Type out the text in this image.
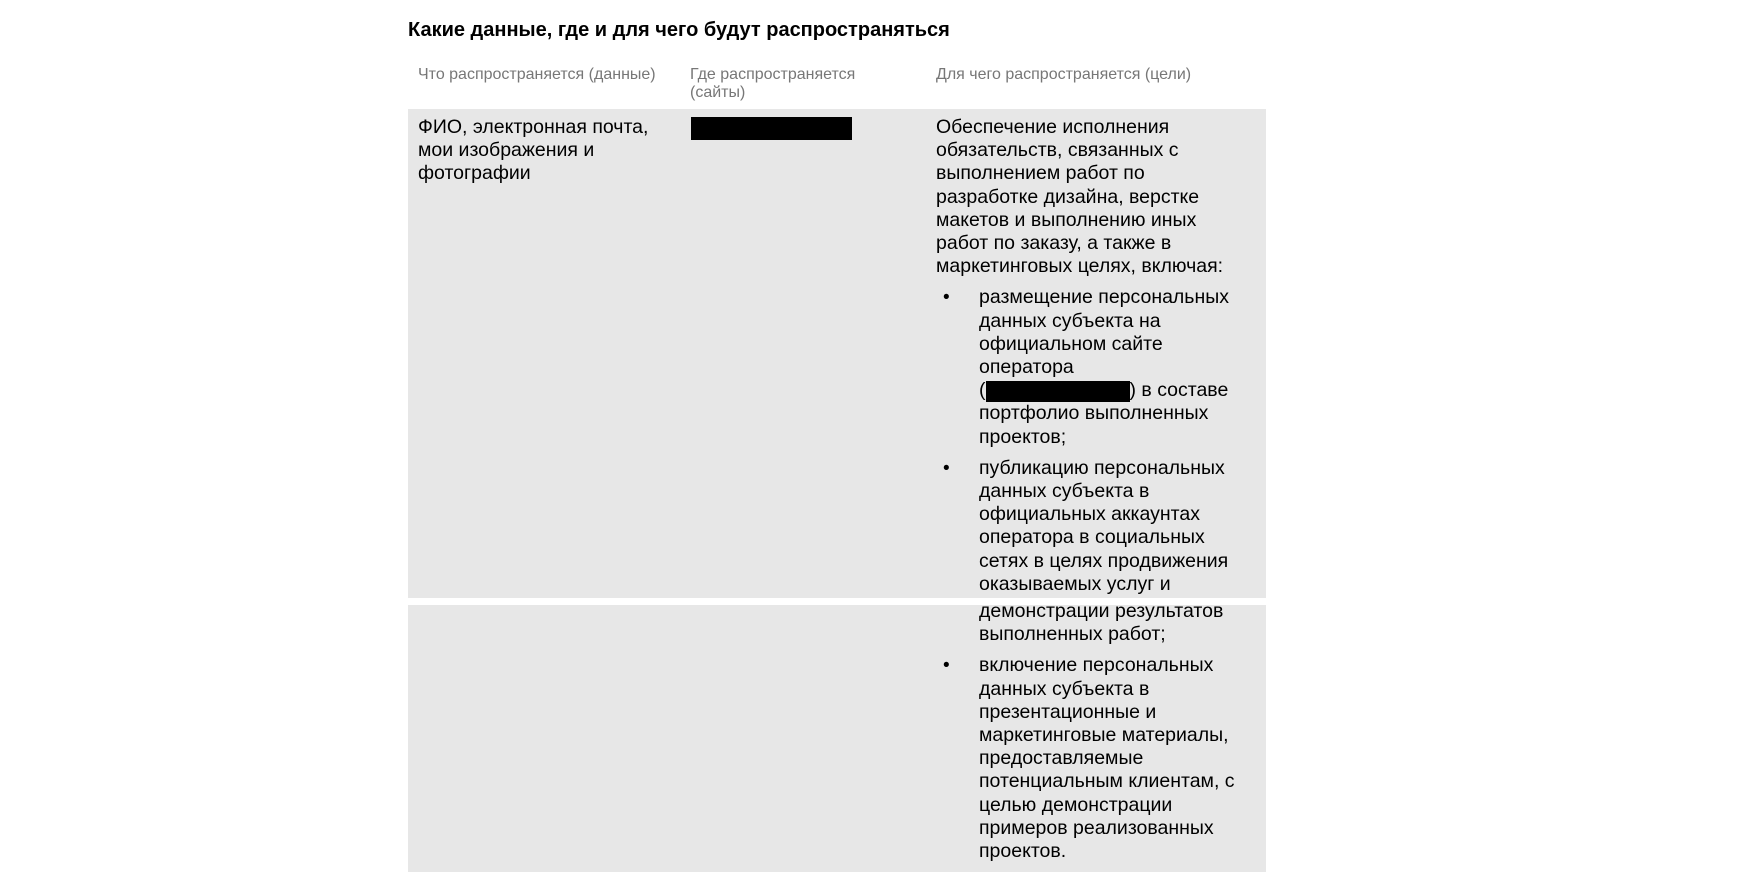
Какие данные, где и для чего будут распространяться
Что распространяется (данные) Где распространяется (сайты)
Для чего распространяется (цели)
ФИО, электронная почта,
мои изображения и
фотографии
Обеспечение исполнения
обязательств, связанных с
выполнением работ по
разработке дизайна, верстке
макетов и выполнению иных
работ по заказу, а также в
маркетинговых целях, включая:
• размещение персональных
данных субъекта на
официальном сайте
оператора
(|REDACTED|	) в составе
портфолио выполненных
проектов;
• публикацию персональных
данных субъекта в
официальных аккаунтах
оператора в социальных
сетях в целях продвижения
оказываемых услуг и
демонстрации результатов
выполненных работ;
• включение персональных
данных субъекта в
презентационные и
маркетинговые материалы,
предоставляемые
потенциальным клиентам, с
целью демонстрации
примеров реализованных
проектов.
